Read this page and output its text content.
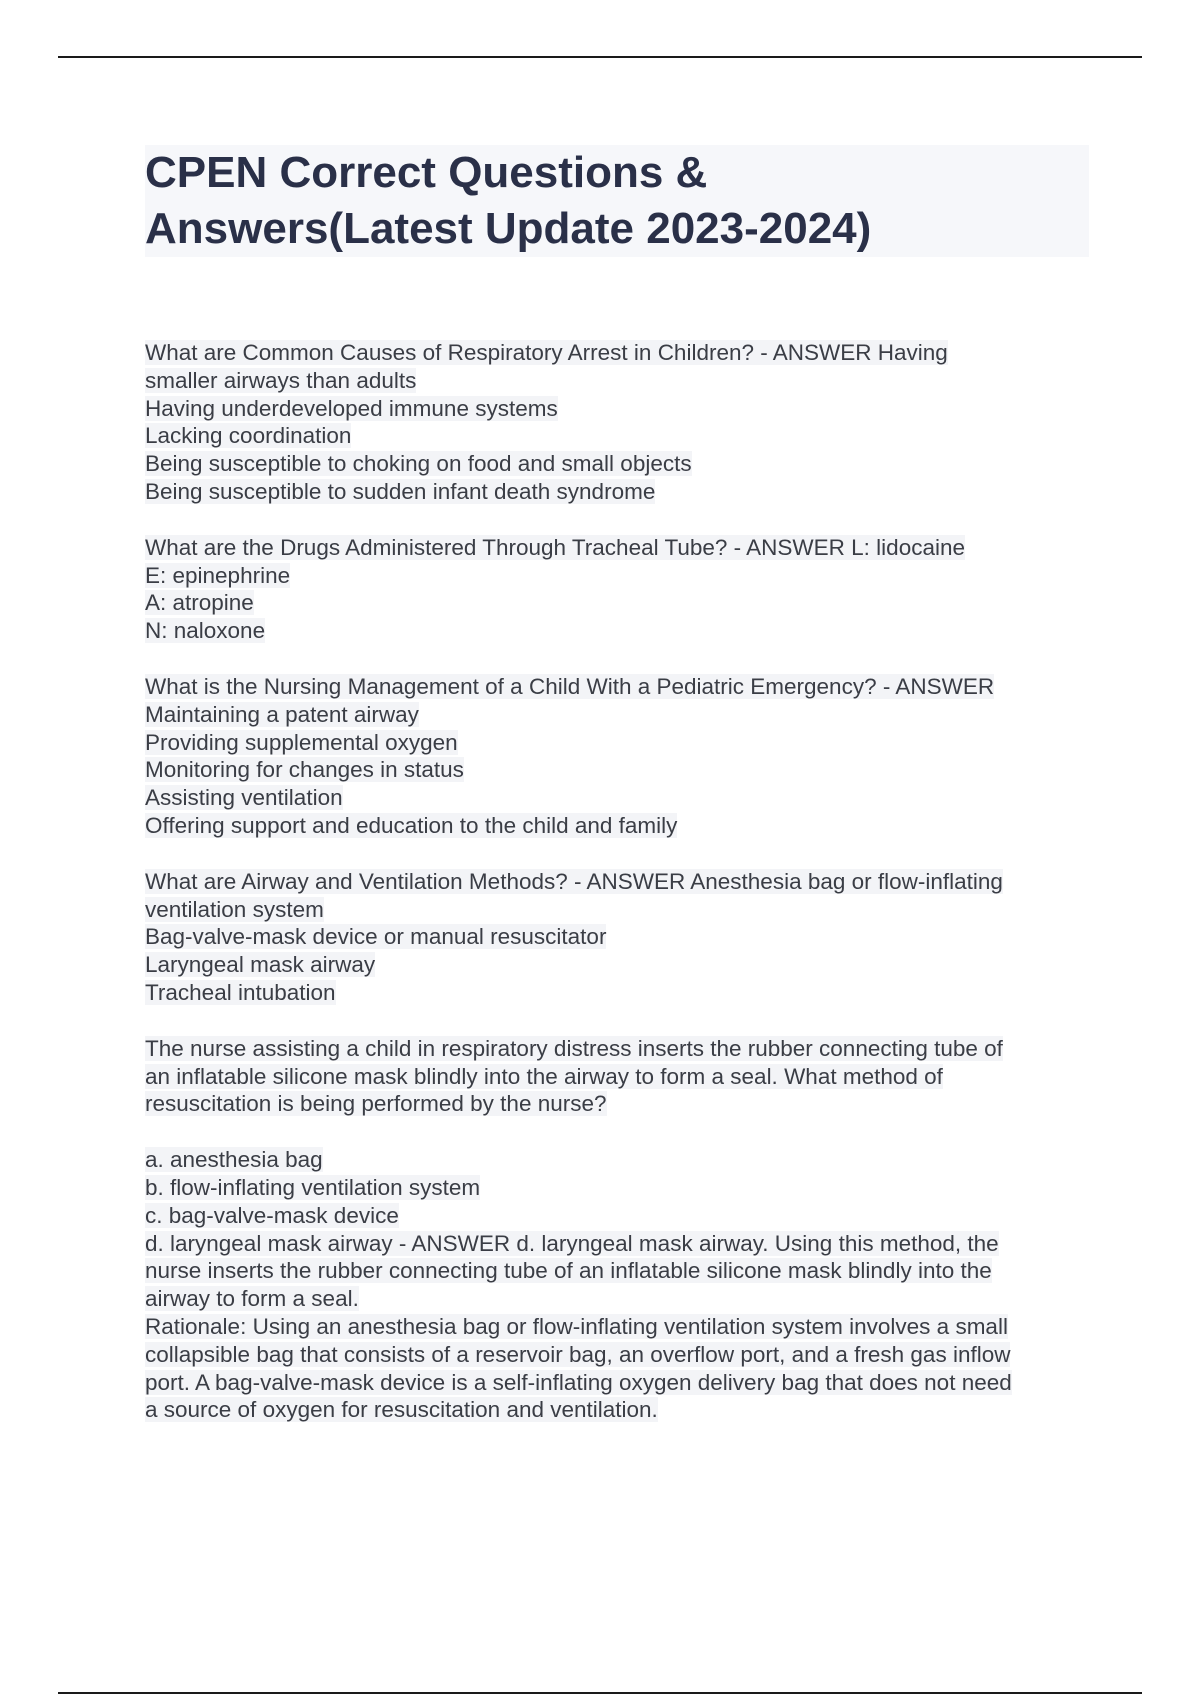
CPEN Correct Questions &
Answers(Latest Update 2023-2024)
What are Common Causes of Respiratory Arrest in Children? - ANSWER Having
smaller airways than adults
Having underdeveloped immune systems
Lacking coordination
Being susceptible to choking on food and small objects
Being susceptible to sudden infant death syndrome
What are the Drugs Administered Through Tracheal Tube? - ANSWER L: lidocaine
E: epinephrine
A: atropine
N: naloxone
What is the Nursing Management of a Child With a Pediatric Emergency? - ANSWER
Maintaining a patent airway
Providing supplemental oxygen
Monitoring for changes in status
Assisting ventilation
Offering support and education to the child and family
What are Airway and Ventilation Methods? - ANSWER Anesthesia bag or flow-inflating
ventilation system
Bag-valve-mask device or manual resuscitator
Laryngeal mask airway
Tracheal intubation
The nurse assisting a child in respiratory distress inserts the rubber connecting tube of
an inflatable silicone mask blindly into the airway to form a seal. What method of
resuscitation is being performed by the nurse?
a. anesthesia bag
b. flow-inflating ventilation system
c. bag-valve-mask device
d. laryngeal mask airway - ANSWER d. laryngeal mask airway. Using this method, the
nurse inserts the rubber connecting tube of an inflatable silicone mask blindly into the
airway to form a seal.
Rationale: Using an anesthesia bag or flow-inflating ventilation system involves a small
collapsible bag that consists of a reservoir bag, an overflow port, and a fresh gas inflow
port. A bag-valve-mask device is a self-inflating oxygen delivery bag that does not need
a source of oxygen for resuscitation and ventilation.
